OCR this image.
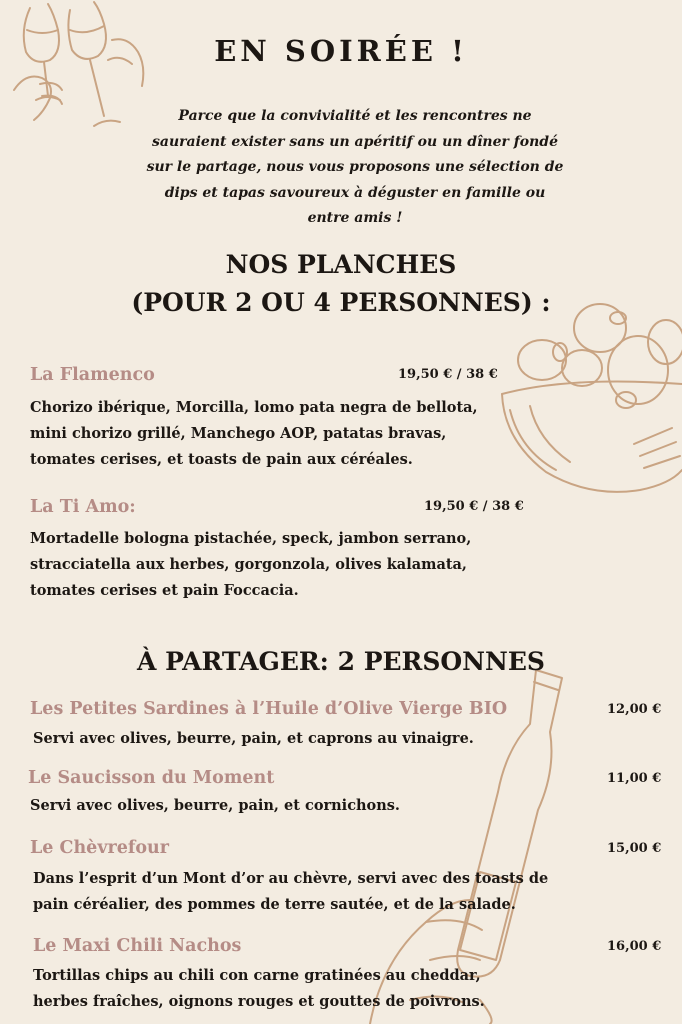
EN SOIRÉE !
Parce que la convivialité et les rencontres ne
sauraient exister sans un apéritif ou un dîner fondé
sur le partage, nous vous proposons une sélection de
dips et tapas savoureux à déguster en famille ou
entre amis !
NOS PLANCHES
(POUR 2 OU 4 PERSONNES) :
La Flamenco	19,50 € / 38 €
Chorizo ibérique, Morcilla, lomo pata negra de bellota,
mini chorizo grillé, Manchego AOP, patatas bravas,
tomates cerises, et toasts de pain aux céréales.
La Ti Amo:	19,50 € / 38 €
Mortadelle bologna pistachée, speck, jambon serrano,
stracciatella aux herbes, gorgonzola, olives kalamata,
tomates cerises et pain Foccacia.
À PARTAGER: 2 PERSONNES
Les Petites Sardines à l’Huile d’Olive Vierge BIO	12,00 €
Servi avec olives, beurre, pain, et caprons au vinaigre.
Le Saucisson du Moment	11,00 €
Servi avec olives, beurre, pain, et cornichons.
Le Chèvrefour	15,00 €
Dans l’esprit d’un Mont d’or au chèvre, servi avec des toasts de
pain céréalier, des pommes de terre sautée, et de la salade.
Le Maxi Chili Nachos	16,00 €
Tortillas chips au chili con carne gratinées au cheddar,
herbes fraîches, oignons rouges et gouttes de poivrons.
